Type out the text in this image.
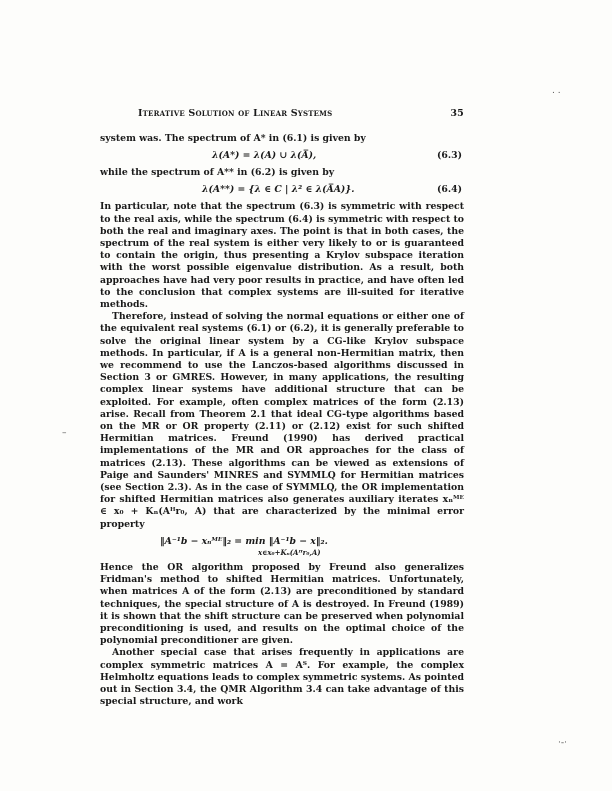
Iterative Solution of Linear Systems	35

system was. The spectrum of A* in (6.1) is given by

λ(A*) = λ(A) ∪ λ(A̅),	(6.3)

while the spectrum of A** in (6.2) is given by

λ(A**) = {λ ∈ C | λ² ∈ λ(A̅A)}.	(6.4)

In particular, note that the spectrum (6.3) is symmetric with respect to the real axis, while the spectrum (6.4) is symmetric with respect to both the real and imaginary axes. The point is that in both cases, the spectrum of the real system is either very likely to or is guaranteed to contain the origin, thus presenting a Krylov subspace iteration with the worst possible eigenvalue distribution. As a result, both approaches have had very poor results in practice, and have often led to the conclusion that complex systems are ill-suited for iterative methods.

Therefore, instead of solving the normal equations or either one of the equivalent real systems (6.1) or (6.2), it is generally preferable to solve the original linear system by a CG-like Krylov subspace methods. In particular, if A is a general non-Hermitian matrix, then we recommend to use the Lanczos-based algorithms discussed in Section 3 or GMRES. However, in many applications, the resulting complex linear systems have additional structure that can be exploited. For example, often complex matrices of the form (2.13) arise. Recall from Theorem 2.1 that ideal CG-type algorithms based on the MR or OR property (2.11) or (2.12) exist for such shifted Hermitian matrices. Freund (1990) has derived practical implementations of the MR and OR approaches for the class of matrices (2.13). These algorithms can be viewed as extensions of Paige and Saunders' MINRES and SYMMLQ for Hermitian matrices (see Section 2.3). As in the case of SYMMLQ, the OR implementation for shifted Hermitian matrices also generates auxiliary iterates xₙᴹᴱ ∈ x₀ + Kₙ(Aᴴr₀, A) that are characterized by the minimal error property

‖A⁻¹b − xₙᴹᴱ‖₂ = min ‖A⁻¹b − x‖₂.
x∈x₀+Kₙ(Aᴴr₀,A)

Hence the OR algorithm proposed by Freund also generalizes Fridman's method to shifted Hermitian matrices. Unfortunately, when matrices A of the form (2.13) are preconditioned by standard techniques, the special structure of A is destroyed. In Freund (1989) it is shown that the shift structure can be preserved when polynomial preconditioning is used, and results on the optimal choice of the polynomial preconditioner are given.

Another special case that arises frequently in applications are complex symmetric matrices A = Aᵀ. For example, the complex Helmholtz equations leads to complex symmetric systems. As pointed out in Section 3.4, the QMR Algorithm 3.4 can take advantage of this special structure, and work

–
. .
·-·
